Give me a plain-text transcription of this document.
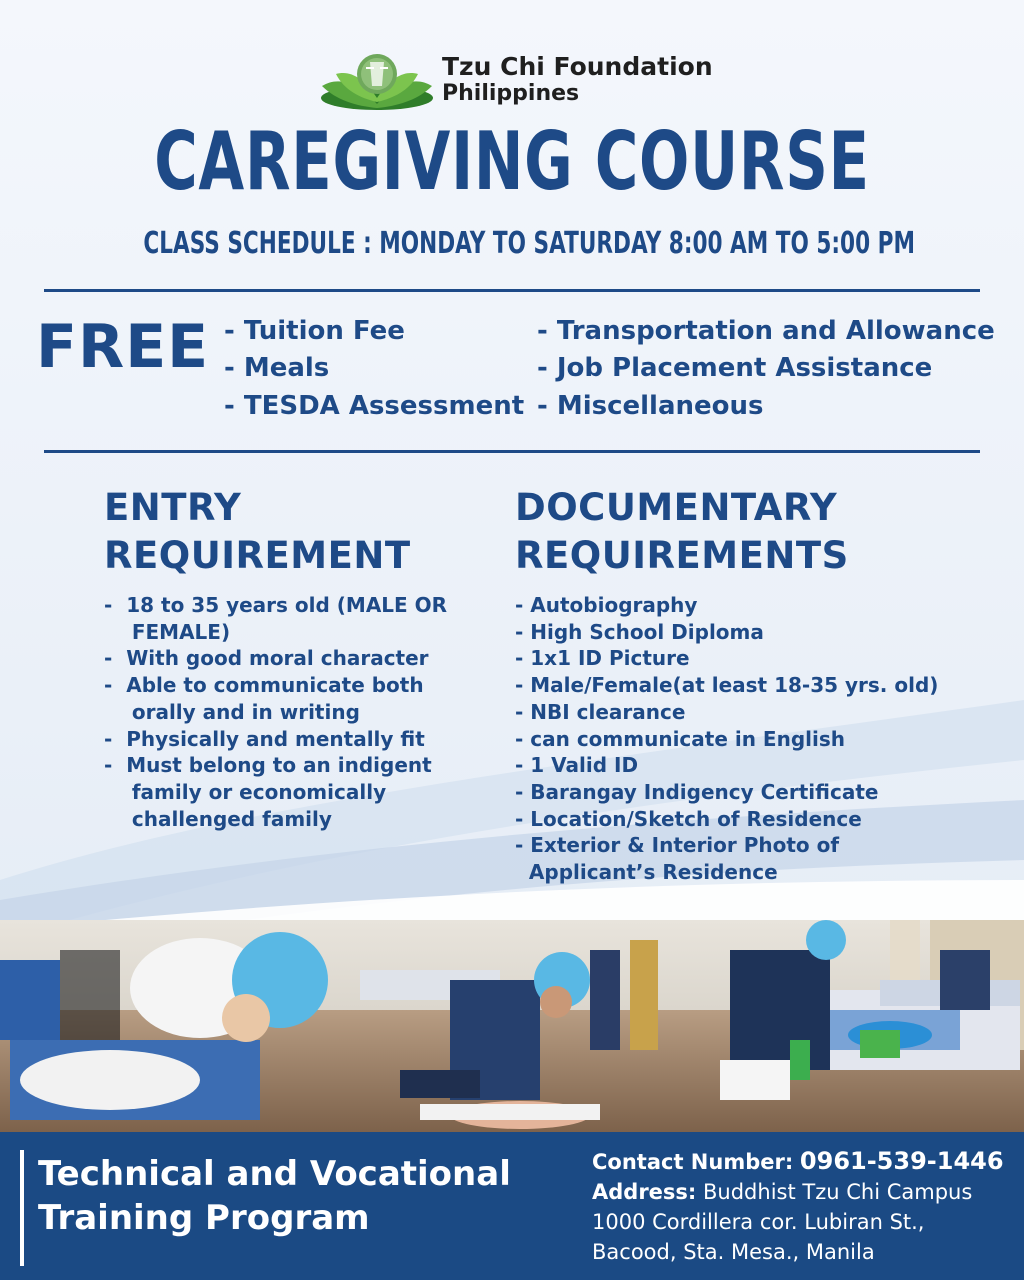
Tzu Chi Foundation
Philippines
CAREGIVING COURSE
CLASS SCHEDULE : MONDAY TO SATURDAY 8:00 AM TO 5:00 PM
FREE - Tuition Fee
- Meals
- TESDA Assessment
- Transportation and Allowance
- Job Placement Assistance
- Miscellaneous
ENTRY
REQUIREMENT
-  18 to 35 years old (MALE OR
FEMALE)
-  With good moral character
-  Able to communicate both
orally and in writing
-  Physically and mentally fit
-  Must belong to an indigent
family or economically
challenged family
DOCUMENTARY
REQUIREMENTS
- Autobiography
- High School Diploma
- 1x1 ID Picture
- Male/Female(at least 18-35 yrs. old)
- NBI clearance
- can communicate in English
- 1 Valid ID
- Barangay Indigency Certificate
- Location/Sketch of Residence
- Exterior & Interior Photo of
Applicant’s Residence
Technical and Vocational
Training Program
Contact Number: 0961-539-1446
Address: Buddhist Tzu Chi Campus
1000 Cordillera cor. Lubiran St.,
Bacood, Sta. Mesa., Manila
